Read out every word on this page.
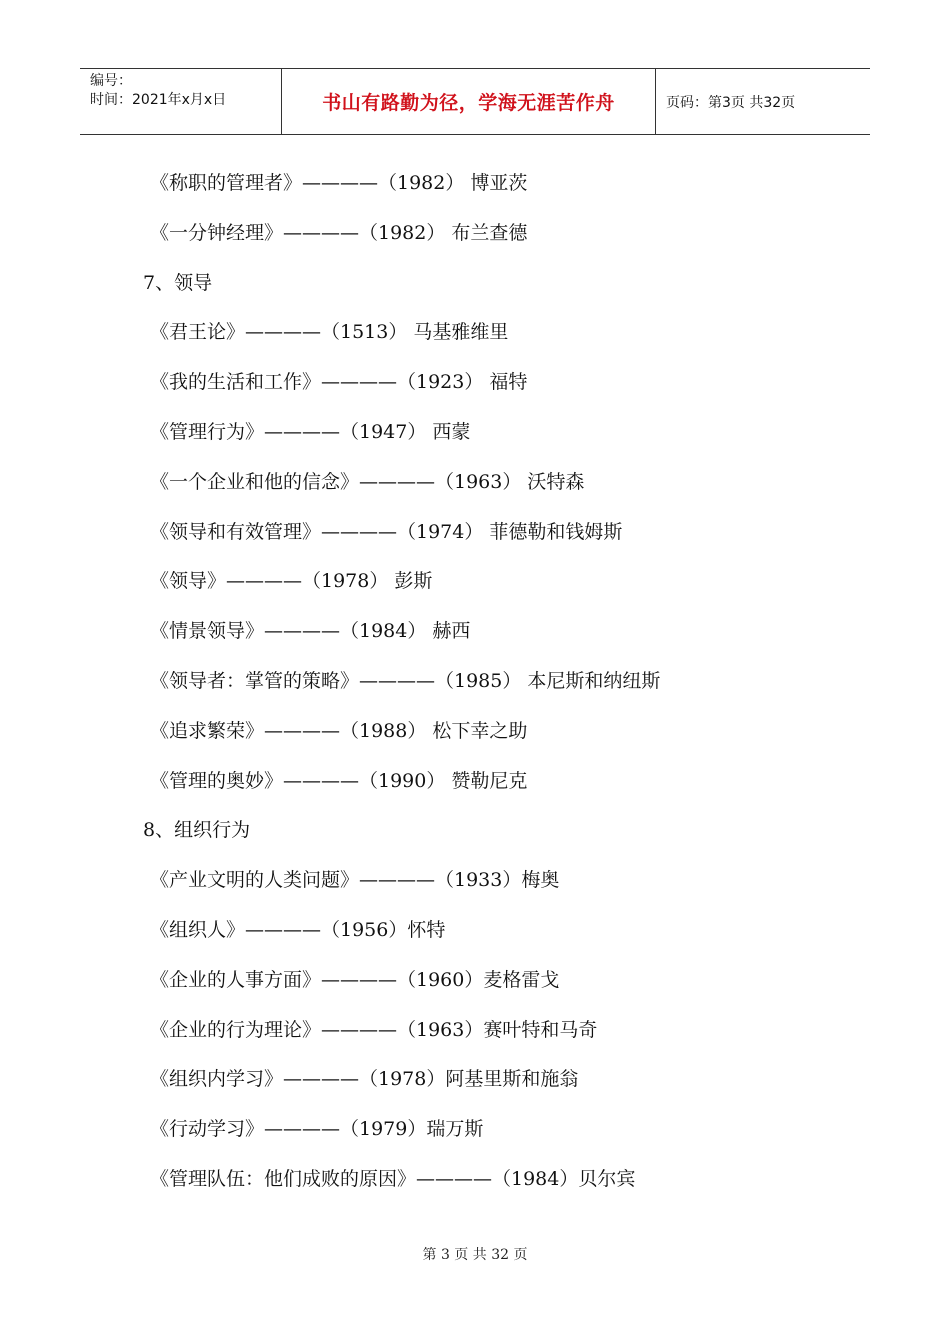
编号：
时间：2021年x月x日	书山有路勤为径，学海无涯苦作舟	页码：第3页 共32页
《称职的管理者》————（1982） 博亚茨
《一分钟经理》————（1982） 布兰查德
7、领导
《君王论》————（1513） 马基雅维里
《我的生活和工作》————（1923） 福特
《管理行为》————（1947） 西蒙
《一个企业和他的信念》————（1963） 沃特森
《领导和有效管理》————（1974） 菲德勒和钱姆斯
《领导》————（1978） 彭斯
《情景领导》————（1984） 赫西
《领导者：掌管的策略》————（1985） 本尼斯和纳纽斯
《追求繁荣》————（1988） 松下幸之助
《管理的奥妙》————（1990） 赞勒尼克
8、组织行为
《产业文明的人类问题》————（1933）梅奥
《组织人》————（1956）怀特
《企业的人事方面》————（1960）麦格雷戈
《企业的行为理论》————（1963）赛叶特和马奇
《组织内学习》————（1978）阿基里斯和施翁
《行动学习》————（1979）瑞万斯
《管理队伍：他们成败的原因》————（1984）贝尔宾
第 3 页 共 32 页
